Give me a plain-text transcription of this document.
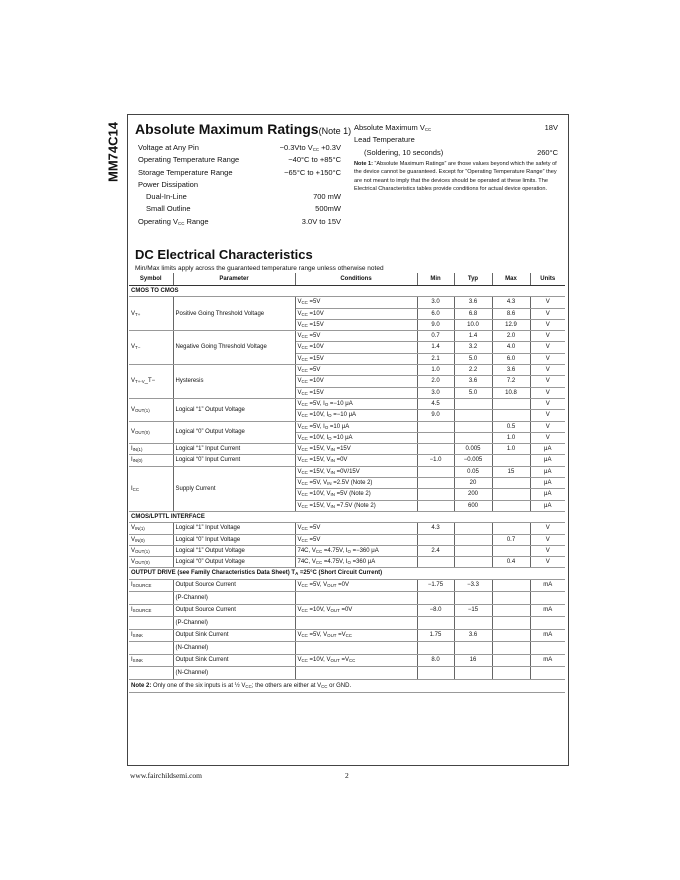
MM74C14 Absolute Maximum Ratings(Note 1)
Voltage at Any Pin	−0.3Vto $V_{CC} +0.3V$
Operating Temperature Range	−40°C to +85°C
Storage Temperature Range	−65°C to +150°C
Power Dissipation
Dual-In-Line	700 mW
Small Outline	500mW
Operating $V_{CC}$ Range	3.0V to 15V
Absolute Maximum $V_{CC}$	18V
Lead Temperature
(Soldering, 10 seconds)	260°C
Note 1: “Absolute Maximum Ratings” are those values beyond which the safety of the device cannot be guaranteed. Except for “Operating Temperature Range” they are not meant to imply that the devices should be operated at these limits. The Electrical Characteristics tables provide conditions for actual device operation.
DC Electrical Characteristics
Min/Max limits apply across the guaranteed temperature range unless otherwise noted
Symbol	Parameter	Conditions	Min	Typ	Max	Units
CMOS TO CMOS						
$V_{T+}$	Positive Going Threshold Voltage	$V_{CC} =5V$	3.0	3.6	4.3	V
		$V_{CC} =10V$	6.0	6.8	8.6	V
		$V_{CC} =15V$	9.0	10.0	12.9	V
$V_{T-}$	Negative Going Threshold Voltage	$V_{CC} =5V$	0.7	1.4	2.0	V
		$V_{CC} =10V$	1.4	3.2	4.0	V
		$V_{CC} =15V$	2.1	5.0	6.0	V
$V_{T+-V}\_T-$	Hysteresis	$V_{CC} =5V$	1.0	2.2	3.6	V
		$V_{CC} =10V$	2.0	3.6	7.2	V
		$V_{CC} =15V$	3.0	5.0	10.8	V
$V_{OUT(1)}$	Logical “1” Output Voltage	$V_{CC} =5V$, $I_O =-10$ μA	4.5			V
		$V_{CC} =10V$, $I_O =-10$ μA	9.0			V
$V_{OUT(0)}$	Logical “0” Output Voltage	$V_{CC} =5V$, $I_O =10$ μA			0.5	V
		$V_{CC} =10V$, $I_O =10$ μA			1.0	V
$I_{IN(1)}$	Logical “1” Input Current	$V_{CC} =15V$, $V_{IN} =15V$		0.005	1.0	μA
$I_{IN(0)}$	Logical “0” Input Current	$V_{CC} =15V$, $V_{IN} =0V$	−1.0	−0.005		μA
$I_{CC}$	Supply Current	$V_{CC} =15V$, $V_{IN} =0V/15V$		0.05	15	μA
		$V_{CC} =5V$, $V_{IN} =2.5V$ (Note 2)		20		μA
		$V_{CC} =10V$, $V_{IN} =5V$ (Note 2)		200		μA
		$V_{CC} =15V$, $V_{IN} =7.5V$ (Note 2)		600		μA
CMOS/LPTTL INTERFACE						
$V_{IN(1)}$	Logical “1” Input Voltage	$V_{CC} =5V$	4.3			V
$V_{IN(0)}$	Logical “0” Input Voltage	$V_{CC} =5V$			0.7	V
$V_{OUT(1)}$	Logical “1” Output Voltage	74C, $V_{CC} =4.75V$, $I_O =-360$ μA	2.4			V
$V_{OUT(0)}$	Logical “0” Output Voltage	74C, $V_{CC} =4.75V$, $I_O =360$ μA			0.4	V
OUTPUT DRIVE (see Family Characteristics Data Sheet) $T_A =25^\circ C$ (Short Circuit Current)						
$I_{SOURCE}$	Output Source Current	$V_{CC} =5V$, $V_{OUT} =0V$	−1.75	−3.3		mA
	(P-Channel)					
$I_{SOURCE}$	Output Source Current	$V_{CC} =10V$, $V_{OUT} =0V$	−8.0	−15		mA
	(P-Channel)					
$I_{SINK}$	Output Sink Current	$V_{CC} =5V$, $V_{OUT} =V_{CC}$	1.75	3.6		mA
	(N-Channel)					
$I_{SINK}$	Output Sink Current	$V_{CC} =10V$, $V_{OUT} =V_{CC}$	8.0	16		mA
	(N-Channel)					
Note 2: Only one of the six inputs is at ½ $V_{CC}$; the others are either at $V_{CC}$ or GND.						
www.fairchildsemi.com	2
